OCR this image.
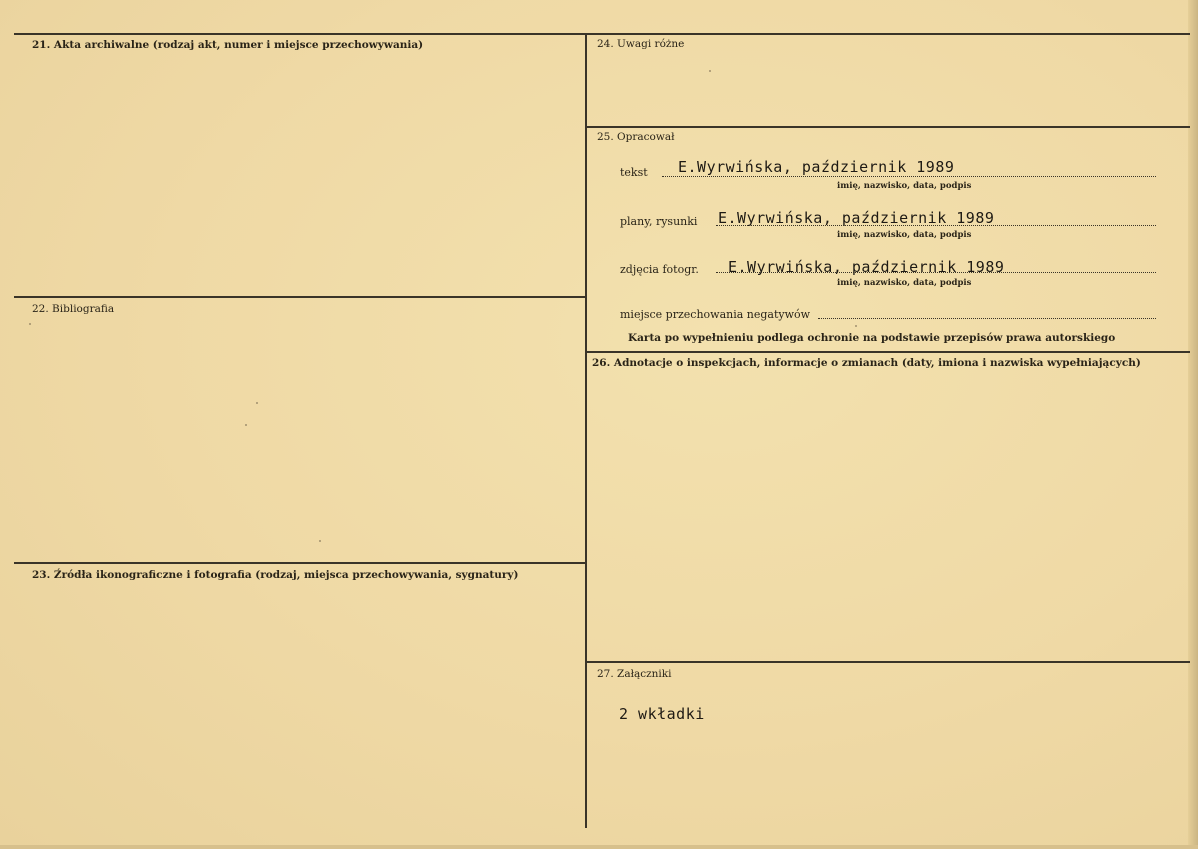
21. Akta archiwalne (rodzaj akt, numer i miejsce przechowywania)
22. Bibliografia
23. Źródła ikonograficzne i fotografia (rodzaj, miejsca przechowywania, sygnatury)
24. Uwagi różne
25. Opracował
tekst E.Wyrwińska, październik 1989
imię, nazwisko, data, podpis
plany, rysunki E.Wyrwińska, październik 1989
imię, nazwisko, data, podpis
zdjęcia fotogr. E.Wyrwińska, październik 1989
imię, nazwisko, data, podpis
miejsce przechowania negatywów
Karta po wypełnieniu podlega ochronie na podstawie przepisów prawa autorskiego
26. Adnotacje o inspekcjach, informacje o zmianach (daty, imiona i nazwiska wypełniających)
27. Załączniki
2 wkładki
